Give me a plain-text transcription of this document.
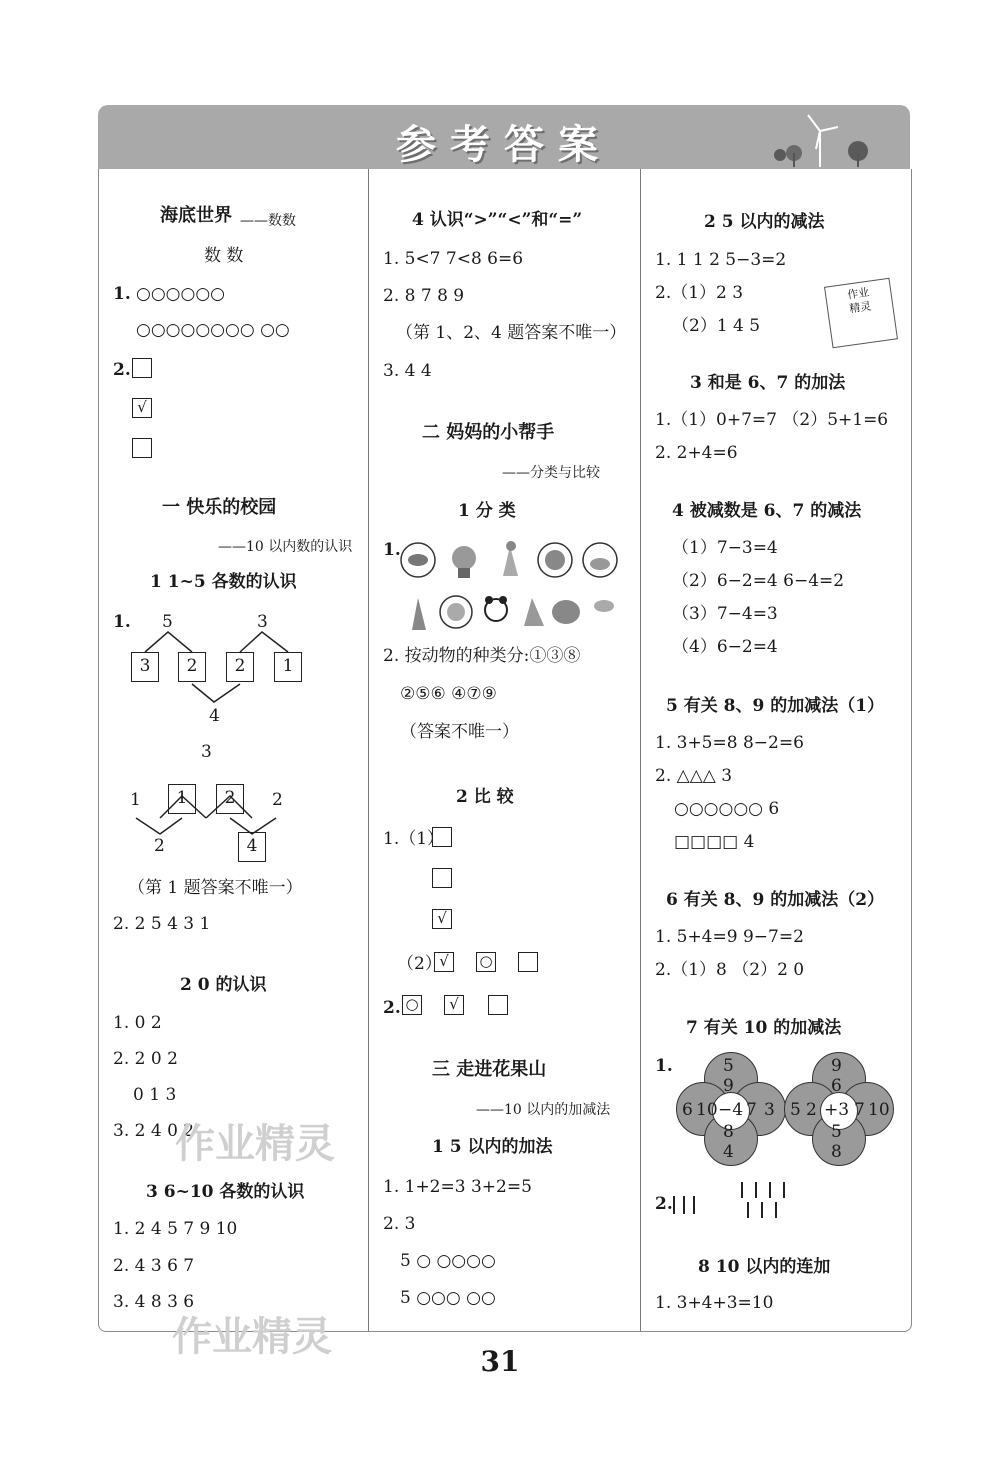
参考答案
海底世界 ——数数
数 数
1. ○○○○○○
○○○○○○○○ ○○
2.
√
一 快乐的校园
——10 以内数的认识
1 1~5 各数的认识
1. 5	3
3	2	2	1
4
3
1	1	2	2
2	4
（第 1 题答案不唯一）
2. 2 5 4 3 1
2 0 的认识
1. 0 2
2. 2 0 2
0 1 3
3. 2 4 0 2
作业精灵
3 6~10 各数的认识
1. 2 4 5 7 9 10
2. 4 3 6 7
3. 4 8 3 6
作业精灵
4 认识“>”“<”和“=”
1. 5<7 7<8 6=6
2. 8 7 8 9
（第 1、2、4 题答案不唯一）
3. 4 4
二 妈妈的小帮手
——分类与比较
1 分 类
1.
2. 按动物的种类分:①③⑧
②⑤⑥ ④⑦⑨
（答案不唯一）
2 比 较
1.（1）
√
（2）
√	○
2. ○	√
三 走进花果山
——10 以内的加减法
1 5 以内的加法
1. 1+2=3 3+2=5
2. 3
5 ○ ○○○○
5 ○○○ ○○
2 5 以内的减法
1. 1 1 2 5−3=2
2.（1）2 3
（2）1 4 5
作业
精灵
3 和是 6、7 的加法
1.（1）0+7=7 （2）5+1=6
2. 2+4=6
4 被减数是 6、7 的减法
（1）7−3=4
（2）6−2=4 6−4=2
（3）7−4=3
（4）6−2=4
5 有关 8、9 的加减法（1）
1. 3+5=8 8−2=6
2. △△△ 3
○○○○○○ 6
□□□□ 4
6 有关 8、9 的加减法（2）
1. 5+4=9 9−7=2
2.（1）8 （2）2 0
7 有关 10 的加减法
1.	5
9
6 10 −4 7 3
8
4
9
6
5 2 +3 7 10
5
8
2.
8 10 以内的连加
1. 3+4+3=10
31
